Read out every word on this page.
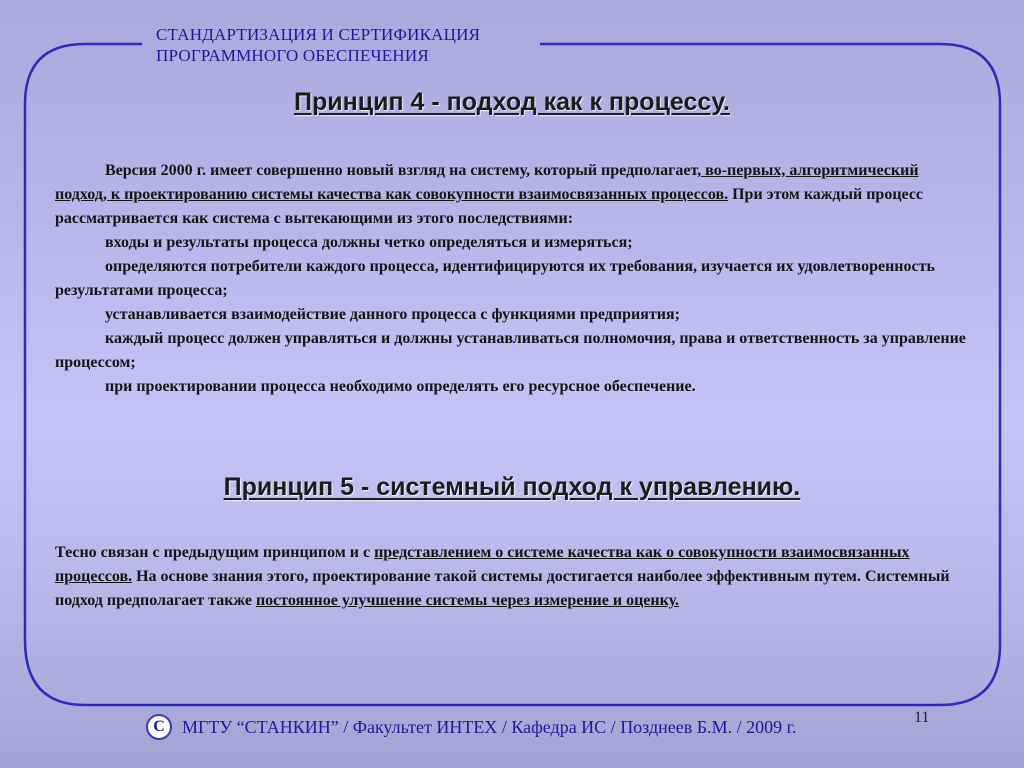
СТАНДАРТИЗАЦИЯ И СЕРТИФИКАЦИЯ
ПРОГРАММНОГО ОБЕСПЕЧЕНИЯ
Принцип 4 - подход как к процессу.

Версия 2000 г. имеет совершенно новый взгляд на систему, который предполагает, во-первых, алгоритмический подход, к проектированию системы качества как совокупности взаимосвязанных процессов. При этом каждый процесс рассматривается как система с вытекающими из этого последствиями:

входы и результаты процесса должны четко определяться и измеряться;

определяются потребители каждого процесса, идентифицируются их требования, изучается их удовлетворенность результатами процесса;

устанавливается взаимодействие данного процесса с функциями предприятия;

каждый процесс должен управляться и должны устанавливаться полномочия, права и ответственность за управление процессом;

при проектировании процесса необходимо определять его ресурсное обеспечение.

Принцип 5 - системный подход к управлению.

Тесно связан с предыдущим принципом и с представлением о системе качества как о совокупности взаимосвязанных процессов. На основе знания этого, проектирование такой системы достигается наиболее эффективным путем. Системный подход предполагает также постоянное улучшение системы через измерение и оценку.

С МГТУ “СТАНКИН” / Факультет ИНТЕХ / Кафедра ИС / Позднеев Б.М. / 2009 г.	11
